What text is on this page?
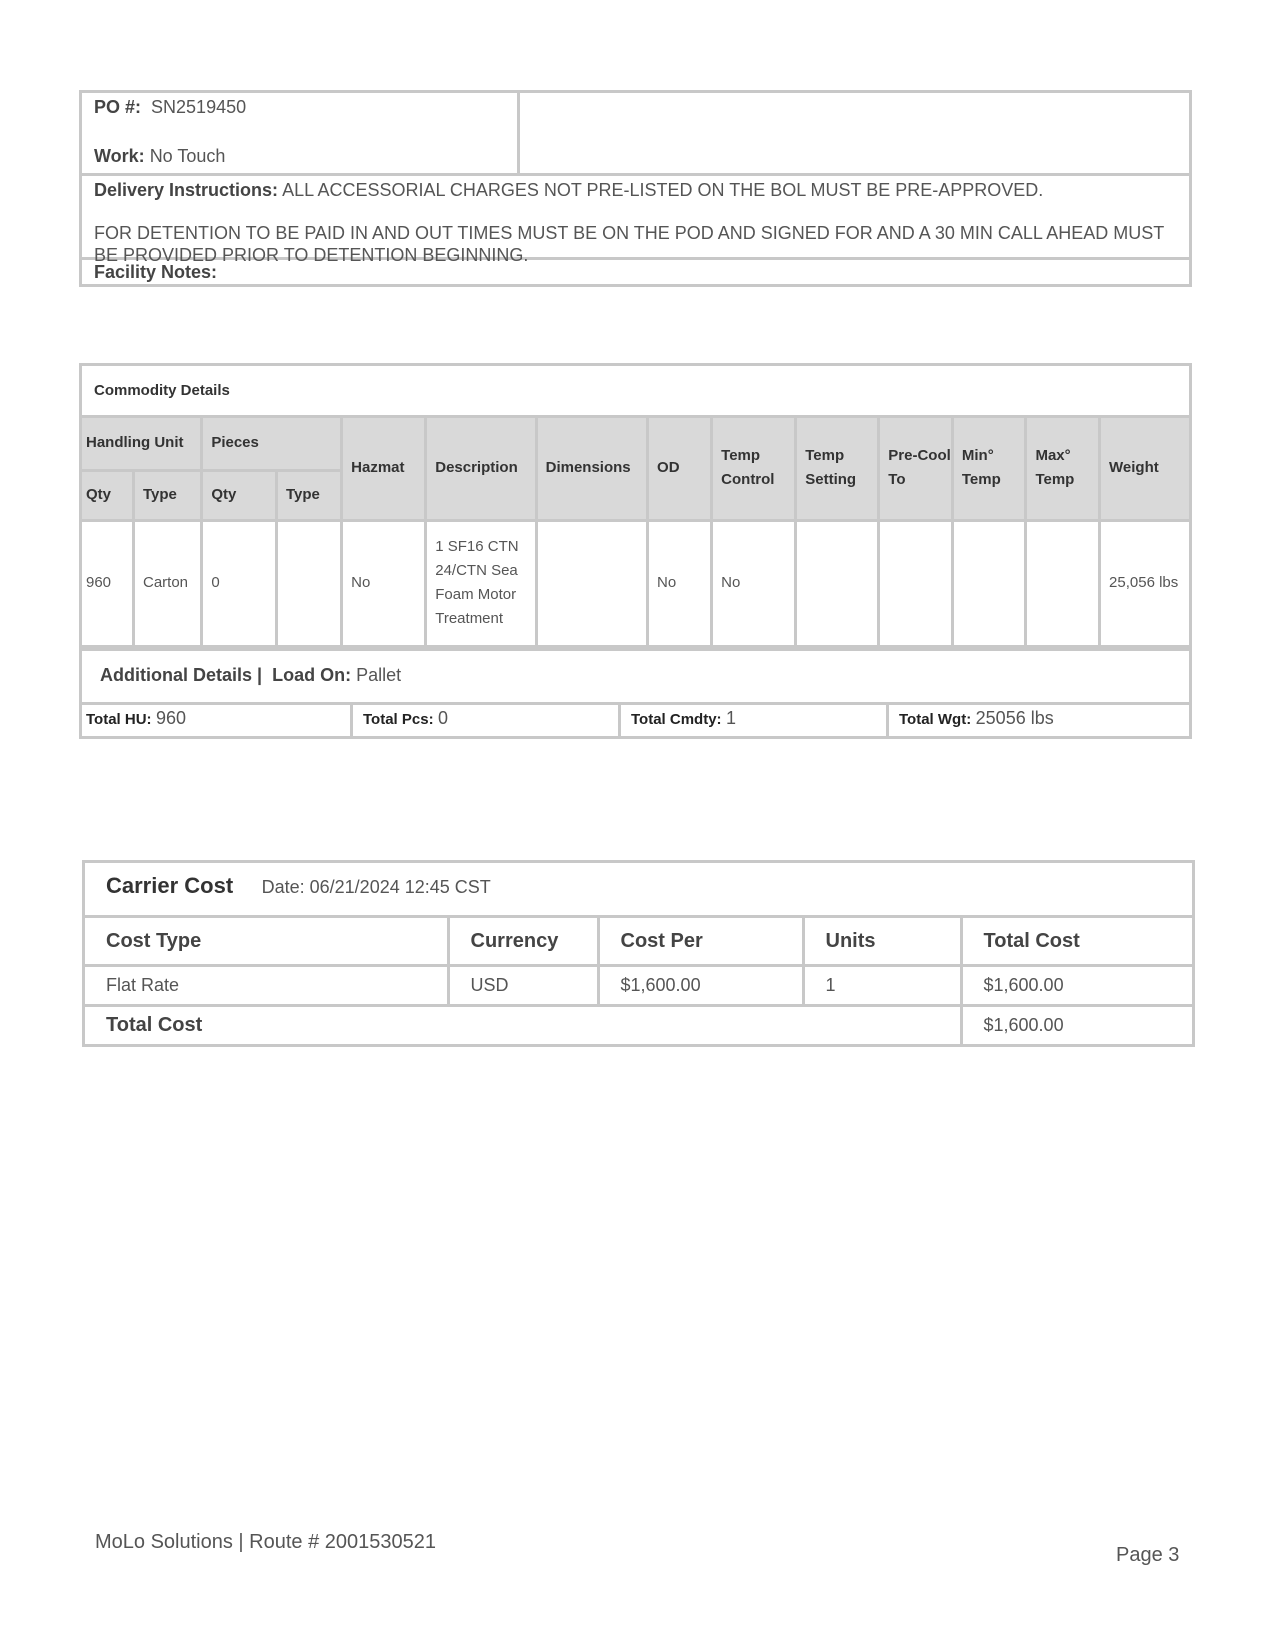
PO #: SN2519450
Work: No Touch
Delivery Instructions: ALL ACCESSORIAL CHARGES NOT PRE-LISTED ON THE BOL MUST BE PRE-APPROVED.
FOR DETENTION TO BE PAID IN AND OUT TIMES MUST BE ON THE POD AND SIGNED FOR AND A 30 MIN CALL AHEAD MUST BE PROVIDED PRIOR TO DETENTION BEGINNING.
Facility Notes:
Commodity Details
Handling Unit		Pieces		Hazmat	Description	Dimensions	OD	Temp Control	Temp Setting	Pre-Cool To	Min° Temp	Max° Temp	Weight
Qty	Type	Qty	Type										
960	Carton	0		No	1 SF16 CTN 24/CTN Sea Foam Motor Treatment		No	No					25,056 lbs
Additional Details | Load On: Pallet
Total HU: 960	Total Pcs: 0	Total Cmdty: 1	Total Wgt: 25056 lbs
Carrier Cost Date: 06/21/2024 12:45 CST
Cost Type	Currency	Cost Per	Units	Total Cost
Flat Rate	USD	$1,600.00	1	$1,600.00
Total Cost				$1,600.00
MoLo Solutions | Route # 2001530521
Page 3
